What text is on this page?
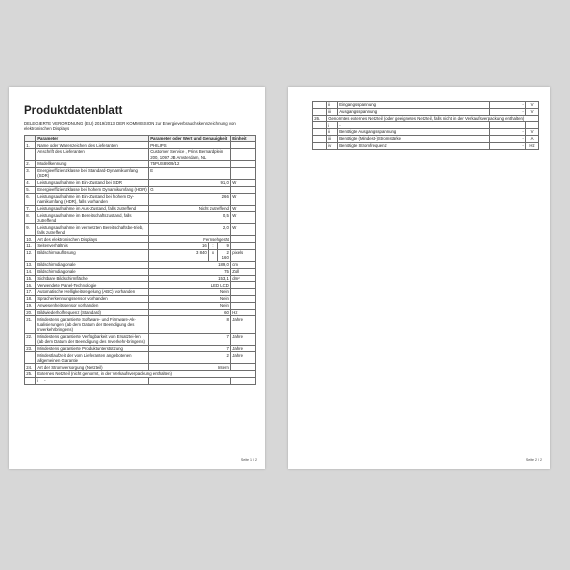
Produktdatenblatt
DELEGIERTE VERORDNUNG (EU) 2019/2013 DER KOMMISSION zur Energieverbrauchskennzeichnung von elektronischen Displays
	Parameter	Parameter oder Wert und Genauigkeit			Einheit
1.	Name oder Warenzeichen des Lieferanten	PHILIPS			
	Anschrift des Lieferanten	Customer Service , Prins Bernardplein 200, 1097 JB Amsterdam, NL			
2.	Modellkennung	75PUS8909/12			
3.	Energieeffizienzklasse bei Standard-Dynamikumfang (SDR)	E			
4.	Leistungsaufnahme im Ein-Zustand bei SDR	91,0			W
5.	Energieeffizienzklasse bei hohem Dynamikumfang (HDR)	G			
6.	Leistungsaufnahme im Ein-Zustand bei hohem Dy-namikumfang (HDR), falls vorhanden	266			W
7.	Leistungsaufnahme im Aus-Zustand, falls zutreffend	Nicht zutreffend			W
8.	Leistungsaufnahme im Bereitschaftszustand, falls zutreffend	0,5			W
9.	Leistungsaufnahme im vernetzten Bereitschaftsbe-trieb, falls zutreffend	2,0			W
10.	Art des elektronischen Displays	Fernsehgerät			
11.	Seitenverhältnis	16	:	9	
12.	Bildschirmauflösung	3 840	x	2 160	pixels
13.	Bildschirmdiagonale	189,0			cm
14.	Bildschirmdiagonale	75			Zoll
15.	Sichtbare Bildschirmfläche	153,1			dm²
16.	Verwendete Panel-Technologie	LED LCD			
17.	Automatische Helligkeitsregelung (ABC) vorhanden	Nein			
18.	Spracherkennungssensor vorhanden	Nein			
19.	Anwesenheitssensor vorhanden	Nein			
20.	Bildwiederholfrequenz (Standard)	60			Hz
21.	Mindestens garantierte Software- und Firmware-Ak-tualisierungen (ab dem Datum der Beendigung des Inverkehrbringens)	8			Jahre
22.	Mindestens garantierte Verfügbarkeit von Ersatztei-len (ab dem Datum der Beendigung des Inverkehr-bringens)	7			Jahre
23.	Mindestens garantierte Produktunterstützung	7			Jahre
	Mindestlaufzeit der vom Lieferanten angebotenen allgemeinen Garantie	2			Jahre
24.	Art der Stromversorgung (Netzteil)	Intern			
25.	Externes Netzteil (nicht genormt, in der Verkaufsverpackung enthalten)				
	i -				
Seite 1 / 2
	ii	Eingangsspannung	-	V
	iii	Ausgangsspannung	-	V
26.	Genormtes externes Netzteil (oder geeignetes Netzteil, falls nicht in der Verkaufsverpackung enthalten)			
	i	-		
	ii	Benötigte Ausgangsspannung	-	V
	iii	Benötigte (Mindest-)Stromstärke	-	A
	iv	Benötigte Stromfrequenz	-	Hz
Seite 2 / 2
